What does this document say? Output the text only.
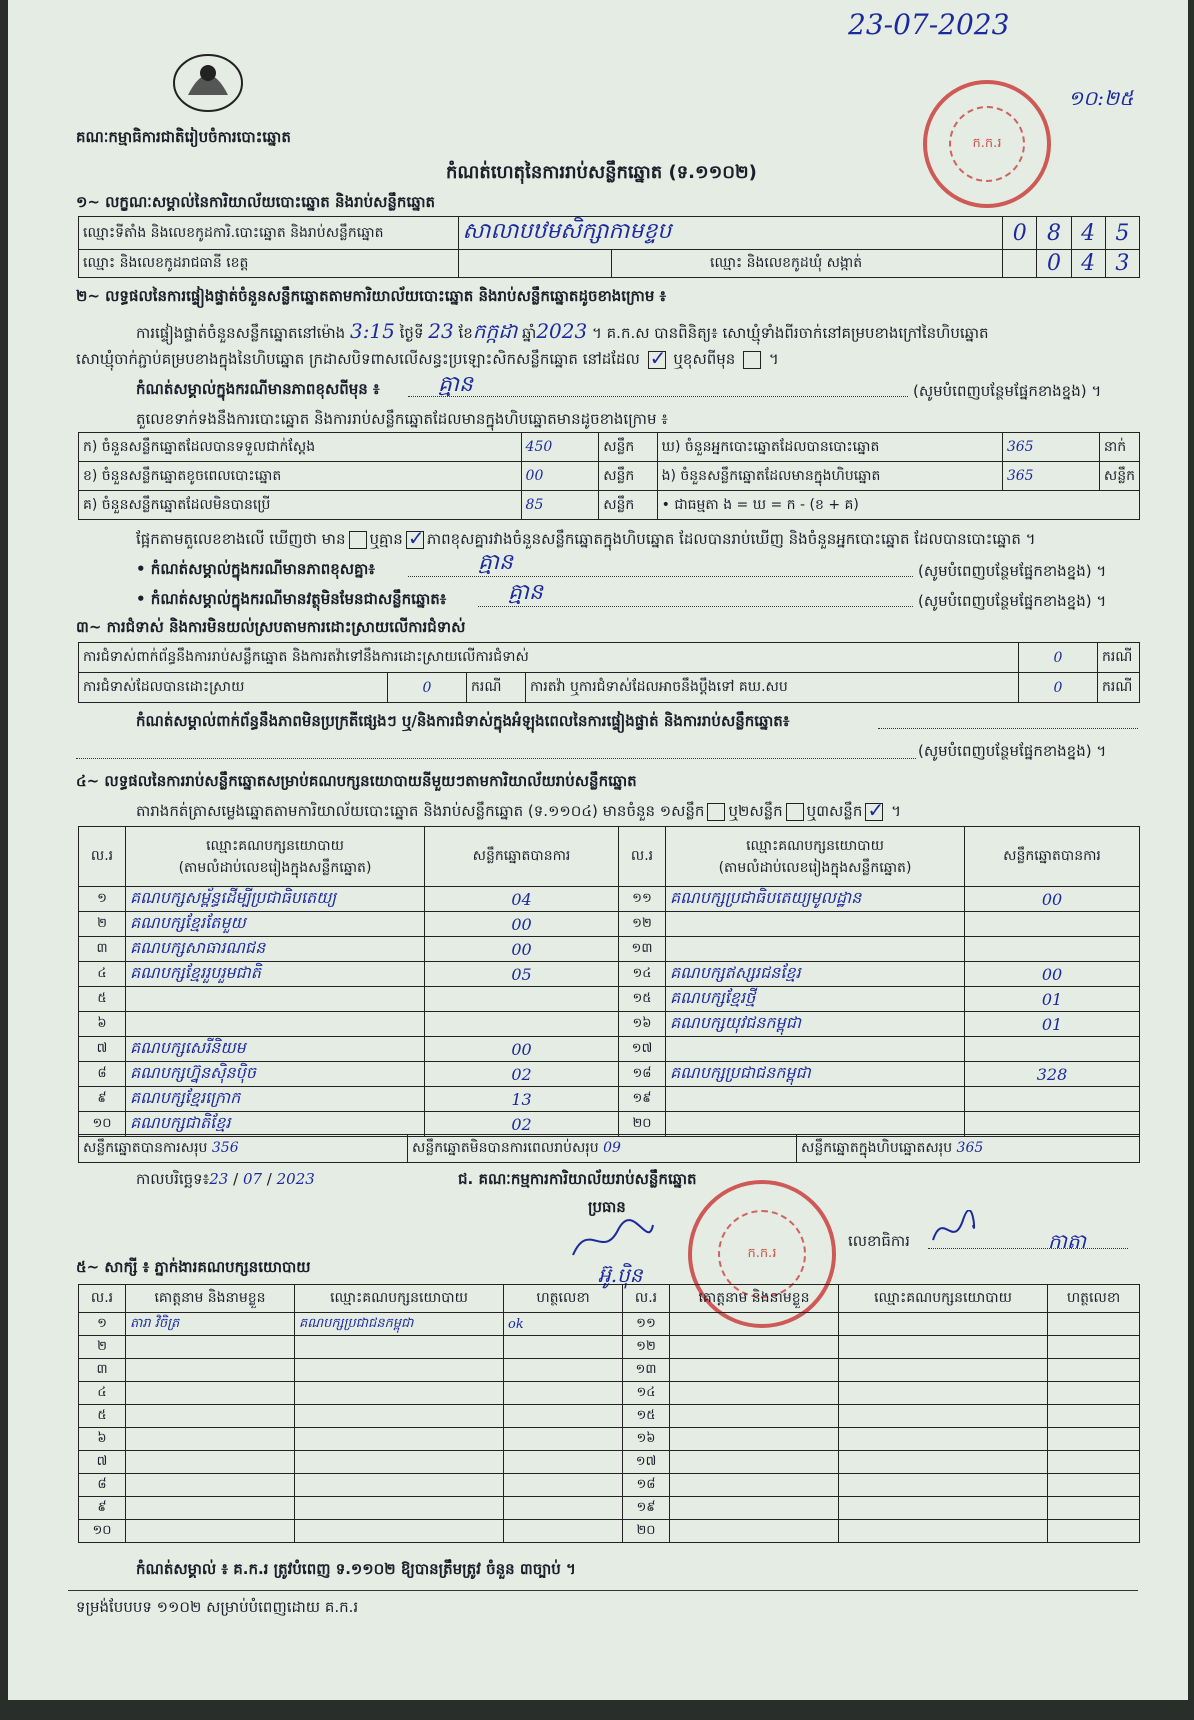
គណៈកម្មាធិការជាតិរៀបចំការបោះឆ្នោត
23-07-2023
១០:២៥
ក.ក.រ
កំណត់ហេតុនៃការរាប់សន្លឹកឆ្នោត (ទ.១១០២)
១~ លក្ខណៈសម្គាល់នៃការិយាល័យបោះឆ្នោត និងរាប់សន្លឹកឆ្នោត
ឈ្មោះទីតាំង និងលេខកូដការិ.បោះឆ្នោត និងរាប់សន្លឹកឆ្នោត	សាលាបឋមសិក្សាកាមខ្ទប		0	8	4	5
ឈ្មោះ និងលេខកូដរាជធានី ខេត្ត		ឈ្មោះ និងលេខកូដឃុំ សង្កាត់		0	4	3
២~ លទ្ធផលនៃការផ្ទៀងផ្ទាត់ចំនួនសន្លឹកឆ្នោតតាមការិយាល័យបោះឆ្នោត និងរាប់សន្លឹកឆ្នោតដូចខាងក្រោម ៖
ការផ្ទៀងផ្ទាត់ចំនួនសន្លឹកឆ្នោតនៅម៉ោង 3:15 ថ្ងៃទី 23 ខែកក្កដា ឆ្នាំ2023 ។ គ.ក.ស បានពិនិត្យ៖ សោឃ្មុំទាំងពីរចាក់នៅគម្របខាងក្រៅនៃហិបឆ្នោត
សោឃ្មុំចាក់ភ្ជាប់គម្របខាងក្នុងនៃហិបឆ្នោត ក្រដាសបិទពាសលើសន្ធះប្រឡោះសិកសន្លឹកឆ្នោត នៅដដែល ✓ ឬខុសពីមុន  ។
កំណត់សម្គាល់ក្នុងករណីមានភាពខុសពីមុន ៖	គ្មាន	(សូមបំពេញបន្ថែមផ្នែកខាងខ្នង) ។
តួលេខទាក់ទងនឹងការបោះឆ្នោត និងការរាប់សន្លឹកឆ្នោតដែលមានក្នុងហិបឆ្នោតមានដូចខាងក្រោម ៖
ក) ចំនួនសន្លឹកឆ្នោតដែលបានទទួលជាក់ស្តែង	450	សន្លឹក	ឃ) ចំនួនអ្នកបោះឆ្នោតដែលបានបោះឆ្នោត	365	នាក់
ខ) ចំនួនសន្លឹកឆ្នោតខូចពេលបោះឆ្នោត	00	សន្លឹក	ង) ចំនួនសន្លឹកឆ្នោតដែលមានក្នុងហិបឆ្នោត	365	សន្លឹក
គ) ចំនួនសន្លឹកឆ្នោតដែលមិនបានប្រើ	85	សន្លឹក	• ជាធម្មតា ង = ឃ = ក - (ខ + គ)		
ផ្អែកតាមតួលេខខាងលើ ឃើញថា មាន ឬគ្មាន ✓ ភាពខុសគ្នារវាងចំនួនសន្លឹកឆ្នោតក្នុងហិបឆ្នោត ដែលបានរាប់ឃើញ និងចំនួនអ្នកបោះឆ្នោត ដែលបានបោះឆ្នោត ។
• កំណត់សម្គាល់ក្នុងករណីមានភាពខុសគ្នា៖	គ្មាន	(សូមបំពេញបន្ថែមផ្នែកខាងខ្នង) ។
• កំណត់សម្គាល់ក្នុងករណីមានវត្ថុមិនមែនជាសន្លឹកឆ្នោត៖	គ្មាន	(សូមបំពេញបន្ថែមផ្នែកខាងខ្នង) ។
៣~ ការជំទាស់ និងការមិនយល់ស្របតាមការដោះស្រាយលើការជំទាស់
ការជំទាស់ពាក់ព័ន្ធនឹងការរាប់សន្លឹកឆ្នោត និងការតវ៉ាទៅនឹងការដោះស្រាយលើការជំទាស់				0	ករណី
ការជំទាស់ដែលបានដោះស្រាយ	0	ករណី	ការតវ៉ា ឬការជំទាស់ដែលអាចនឹងប្តឹងទៅ គឃ.សប	0	ករណី
កំណត់សម្គាល់ពាក់ព័ន្ធនឹងភាពមិនប្រក្រតីផ្សេងៗ ឬ/និងការជំទាស់ក្នុងអំឡុងពេលនៃការផ្ទៀងផ្ទាត់ និងការរាប់សន្លឹកឆ្នោត៖
(សូមបំពេញបន្ថែមផ្នែកខាងខ្នង) ។
៤~ លទ្ធផលនៃការរាប់សន្លឹកឆ្នោតសម្រាប់គណបក្សនយោបាយនីមួយៗតាមការិយាល័យរាប់សន្លឹកឆ្នោត
តារាងកត់ត្រាសម្លេងឆ្នោតតាមការិយាល័យបោះឆ្នោត និងរាប់សន្លឹកឆ្នោត (ទ.១១០៤) មានចំនួន ១សន្លឹក ឬ២សន្លឹក ឬ៣សន្លឹក✓ ។
ល.រ	ឈ្មោះគណបក្សនយោបាយ
(តាមលំដាប់លេខរៀងក្នុងសន្លឹកឆ្នោត)	សន្លឹកឆ្នោតបានការ	ល.រ	ឈ្មោះគណបក្សនយោបាយ
(តាមលំដាប់លេខរៀងក្នុងសន្លឹកឆ្នោត)	សន្លឹកឆ្នោតបានការ
១	គណបក្សសម្ព័ន្ធដើម្បីប្រជាធិបតេយ្យ	04	១១	គណបក្សប្រជាធិបតេយ្យមូលដ្ឋាន	00
២	គណបក្សខ្មែរតែមួយ	00	១២		
៣	គណបក្សសាធារណជន	00	១៣		
៤	គណបក្សខ្មែររួបរួមជាតិ	05	១៤	គណបក្សឥស្សរជនខ្មែរ	00
៥			១៥	គណបក្សខ្មែរថ្មី	01
៦			១៦	គណបក្សយុវជនកម្ពុជា	01
៧	គណបក្សសេរីនិយម	00	១៧		
៨	គណបក្សហ្វ៊ុនស៊ិនប៉ិច	02	១៨	គណបក្សប្រជាជនកម្ពុជា	328
៩	គណបក្សខ្មែរក្រោក	13	១៩		
១០	គណបក្សជាតិខ្មែរ	02	២០		
សន្លឹកឆ្នោតបានការសរុប 356	សន្លឹកឆ្នោតមិនបានការពេលរាប់សរុប 09	សន្លឹកឆ្នោតក្នុងហិបឆ្នោតសរុប 365
កាលបរិច្ឆេទ៖23 / 07 / 2023	ជ. គណៈកម្មការការិយាល័យរាប់សន្លឹកឆ្នោត
ប្រធាន
អ៊ូ.ប៉ិន
ក.ក.រ
លេខាធិការ	កាតា
៥~ សាក្សី ៖ ភ្នាក់ងារគណបក្សនយោបាយ
ល.រ	គោត្តនាម និងនាមខ្លួន	ឈ្មោះគណបក្សនយោបាយ	ហត្ថលេខា	ល.រ	គោត្តនាម និងនាមខ្លួន	ឈ្មោះគណបក្សនយោបាយ	ហត្ថលេខា
១	តារា វិចិត្រ	គណបក្សប្រជាជនកម្ពុជា	ok	១១			
២				១២			
៣				១៣			
៤				១៤			
៥				១៥			
៦				១៦			
៧				១៧			
៨				១៨			
៩				១៩			
១០				២០			
កំណត់សម្គាល់ ៖ គ.ក.រ ត្រូវបំពេញ ទ.១១០២ ឱ្យបានត្រឹមត្រូវ ចំនួន ៣ច្បាប់ ។
ទម្រង់បែបបទ ១១០២ សម្រាប់បំពេញដោយ គ.ក.រ
